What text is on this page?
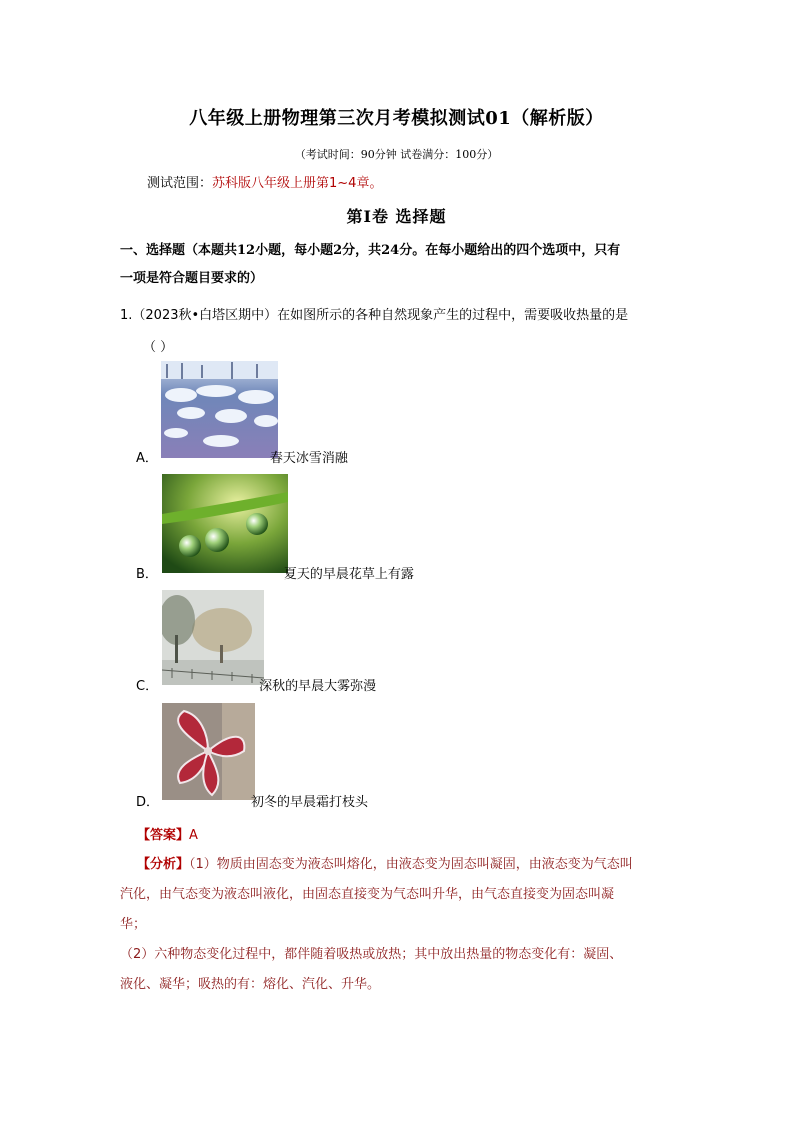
八年级上册物理第三次月考模拟测试01（解析版）
（考试时间：90分钟 试卷满分：100分）
测试范围：苏科版八年级上册第1~4章。
第Ⅰ卷 选择题
一、选择题（本题共12小题，每小题2分，共24分。在每小题给出的四个选项中，只有
一项是符合题目要求的）
1.（2023秋•白塔区期中）在如图所示的各种自然现象产生的过程中，需要吸收热量的是
（ ）
A．	春天冰雪消融
B．	夏天的早晨花草上有露
C．	深秋的早晨大雾弥漫
D．	初冬的早晨霜打枝头
【答案】A
【分析】（1）物质由固态变为液态叫熔化，由液态变为固态叫凝固，由液态变为气态叫
汽化，由气态变为液态叫液化，由固态直接变为气态叫升华，由气态直接变为固态叫凝
华；
（2）六种物态变化过程中，都伴随着吸热或放热；其中放出热量的物态变化有：凝固、
液化、凝华；吸热的有：熔化、汽化、升华。
